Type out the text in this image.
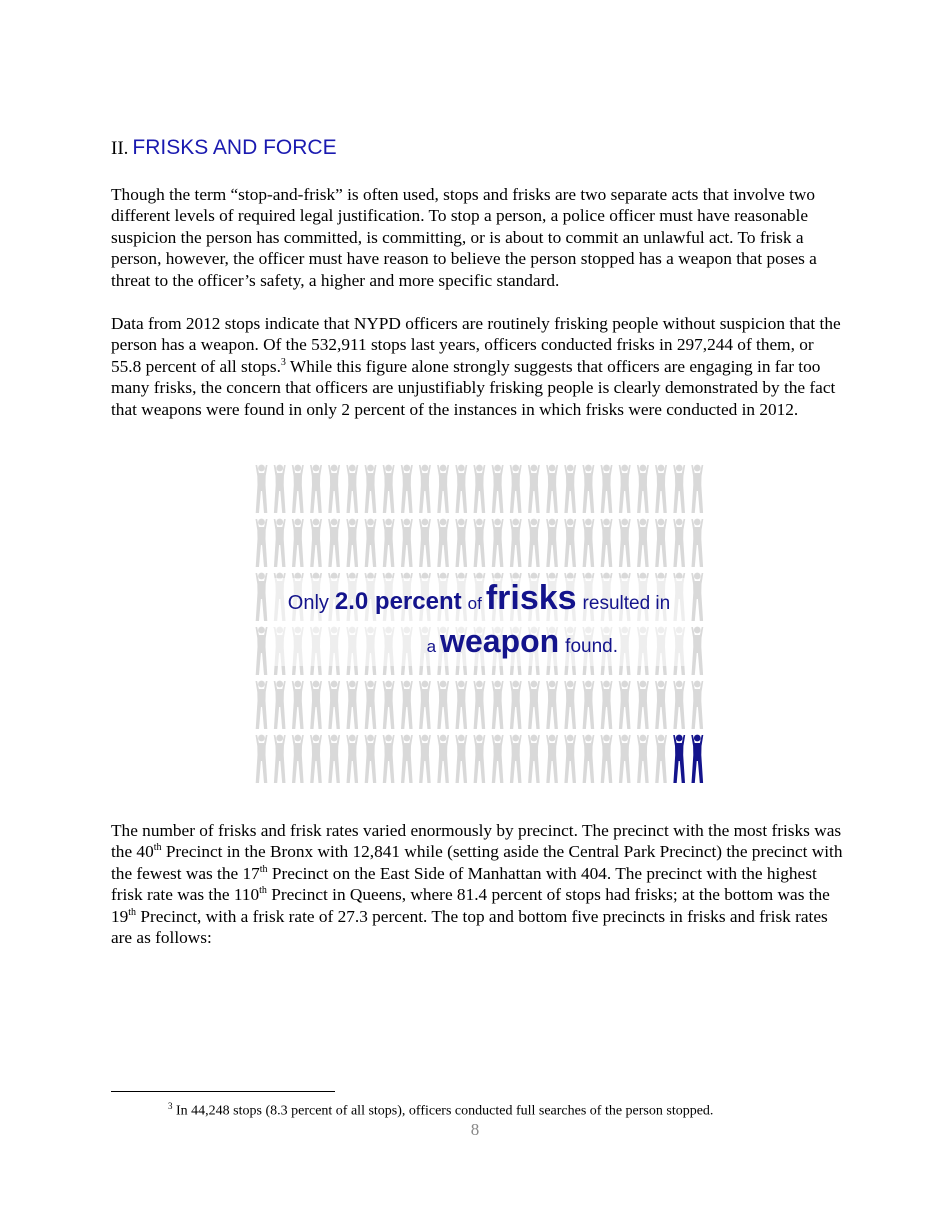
II. FRISKS AND FORCE

Though the term “stop-and-frisk” is often used, stops and frisks are two separate acts that involve two different levels of required legal justification. To stop a person, a police officer must have reasonable suspicion the person has committed, is committing, or is about to commit an unlawful act. To frisk a person, however, the officer must have reason to believe the person stopped has a weapon that poses a threat to the officer’s safety, a higher and more specific standard.

Data from 2012 stops indicate that NYPD officers are routinely frisking people without suspicion that the person has a weapon. Of the 532,911 stops last years, officers conducted frisks in 297,244 of them, or 55.8 percent of all stops.$^3$ While this figure alone strongly suggests that officers are engaging in far too many frisks, the concern that officers are unjustifiably frisking people is clearly demonstrated by the fact that weapons were found in only 2 percent of the instances in which frisks were conducted in 2012.

Only 2.0 percent of frisks resulted in
a weapon found.

The number of frisks and frisk rates varied enormously by precinct. The precinct with the most frisks was the 40th Precinct in the Bronx with 12,841 while (setting aside the Central Park Precinct) the precinct with the fewest was the 17th Precinct on the East Side of Manhattan with 404. The precinct with the highest frisk rate was the 110th Precinct in Queens, where 81.4 percent of stops had frisks; at the bottom was the 19th Precinct, with a frisk rate of 27.3 percent. The top and bottom five precincts in frisks and frisk rates are as follows:

$^3$ In 44,248 stops (8.3 percent of all stops), officers conducted full searches of the person stopped.

8
